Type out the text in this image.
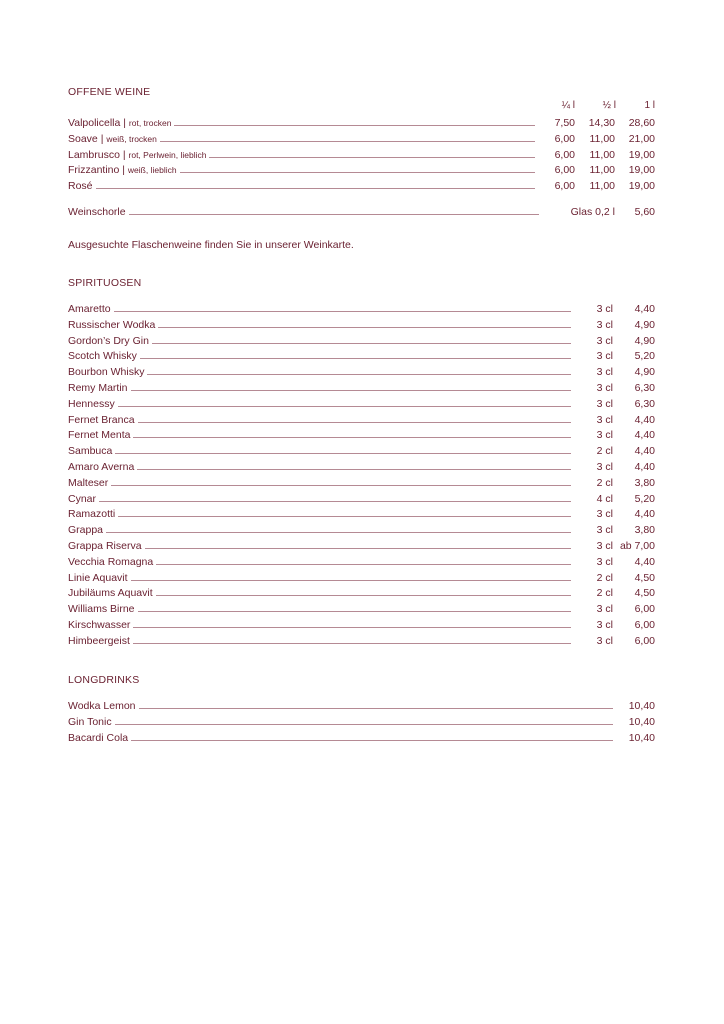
OFFENE WEINE
¼ l	½ l	1 l
Valpolicella | rot, trocken	7,50	14,30	28,60
Soave | weiß, trocken	6,00	11,00	21,00
Lambrusco | rot, Perlwein, lieblich	6,00	11,00	19,00
Frizzantino | weiß, lieblich	6,00	11,00	19,00
Rosé	6,00	11,00	19,00
Weinschorle	Glas 0,2 l	5,60
Ausgesuchte Flaschenweine finden Sie in unserer Weinkarte.
SPIRITUOSEN
Amaretto	3 cl	4,40
Russischer Wodka	3 cl	4,90
Gordon’s Dry Gin	3 cl	4,90
Scotch Whisky	3 cl	5,20
Bourbon Whisky	3 cl	4,90
Remy Martin	3 cl	6,30
Hennessy	3 cl	6,30
Fernet Branca	3 cl	4,40
Fernet Menta	3 cl	4,40
Sambuca	2 cl	4,40
Amaro Averna	3 cl	4,40
Malteser	2 cl	3,80
Cynar	4 cl	5,20
Ramazotti	3 cl	4,40
Grappa	3 cl	3,80
Grappa Riserva	3 cl ab 7,00
Vecchia Romagna	3 cl	4,40
Linie Aquavit	2 cl	4,50
Jubiläums Aquavit	2 cl	4,50
Williams Birne	3 cl	6,00
Kirschwasser	3 cl	6,00
Himbeergeist	3 cl	6,00
LONGDRINKS
Wodka Lemon	10,40
Gin Tonic	10,40
Bacardi Cola	10,40
